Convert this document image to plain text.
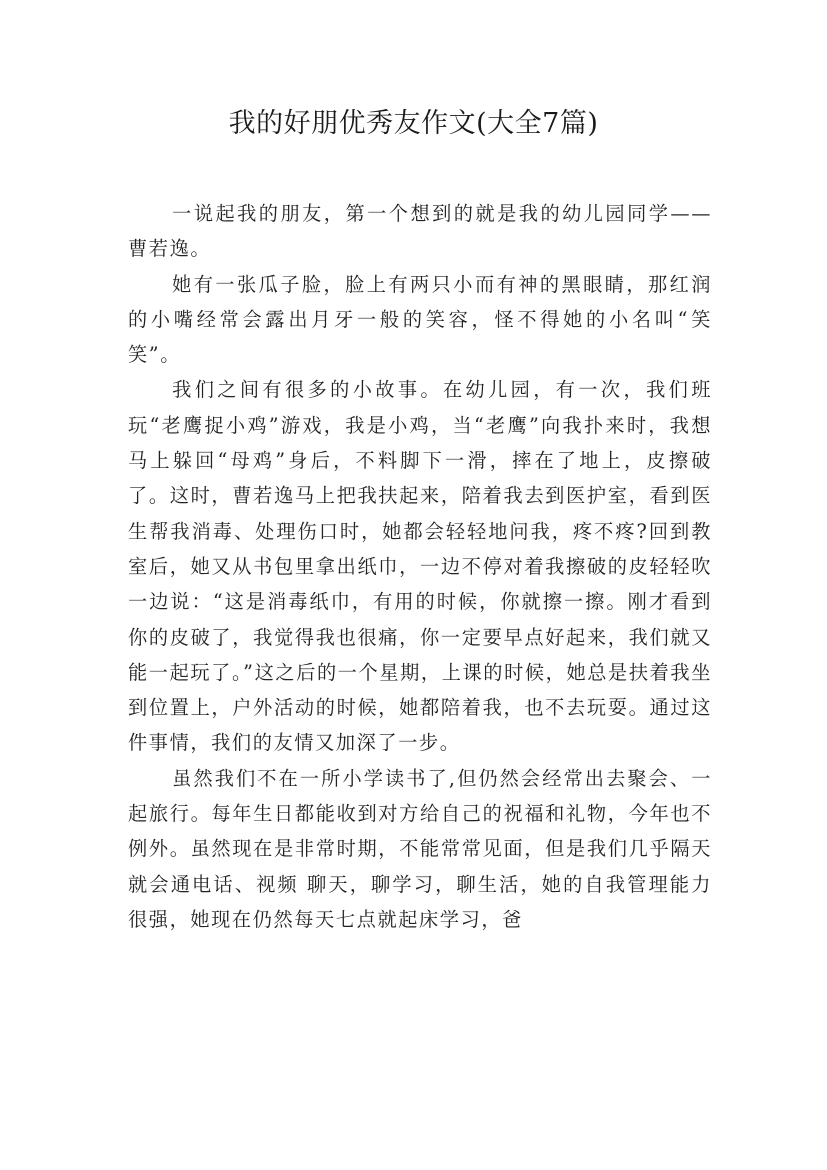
我的好朋优秀友作文(大全7篇)

一说起我的朋友，第一个想到的就是我的幼儿园同学——曹若逸。

她有一张瓜子脸，脸上有两只小而有神的黑眼睛，那红润的小嘴经常会露出月牙一般的笑容，怪不得她的小名叫“笑笑”。

我们之间有很多的小故事。在幼儿园，有一次，我们班玩“老鹰捉小鸡”游戏，我是小鸡，当“老鹰”向我扑来时，我想马上躲回“母鸡”身后，不料脚下一滑，摔在了地上，皮擦破了。这时，曹若逸马上把我扶起来，陪着我去到医护室，看到医生帮我消毒、处理伤口时，她都会轻轻地问我，疼不疼?回到教室后，她又从书包里拿出纸巾，一边不停对着我擦破的皮轻轻吹一边说：“这是消毒纸巾，有用的时候，你就擦一擦。刚才看到你的皮破了，我觉得我也很痛，你一定要早点好起来，我们就又能一起玩了。”这之后的一个星期，上课的时候，她总是扶着我坐到位置上，户外活动的时候，她都陪着我，也不去玩耍。通过这件事情，我们的友情又加深了一步。

虽然我们不在一所小学读书了,但仍然会经常出去聚会、一起旅行。每年生日都能收到对方给自己的祝福和礼物，今年也不例外。虽然现在是非常时期，不能常常见面，但是我们几乎隔天就会通电话、视频 聊天，聊学习，聊生活，她的自我管理能力很强，她现在仍然每天七点就起床学习，爸
